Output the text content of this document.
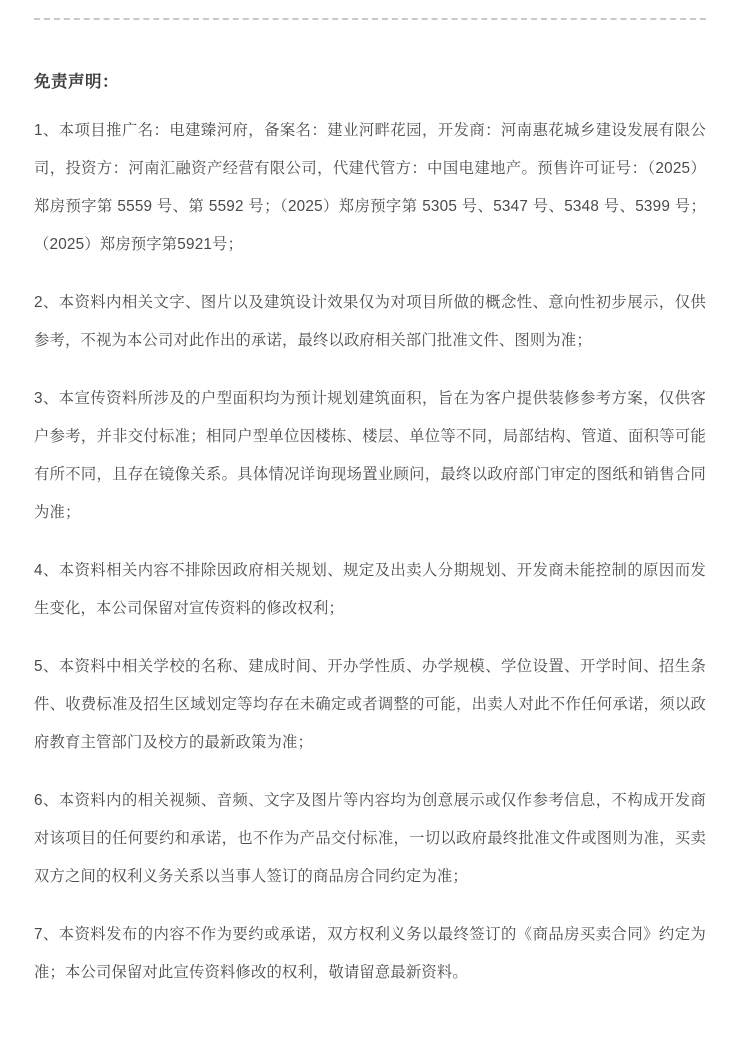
免责声明：
1、本项目推广名：电建臻河府，备案名：建业河畔花园，开发商：河南惠花城乡建设发展有限公司，投资方：河南汇融资产经营有限公司，代建代管方：中国电建地产。预售许可证号：（2025）郑房预字第 5559 号、第 5592 号；（2025）郑房预字第 5305 号、5347 号、5348 号、5399 号；（2025）郑房预字第5921号；
2、本资料内相关文字、图片以及建筑设计效果仅为对项目所做的概念性、意向性初步展示，仅供参考，不视为本公司对此作出的承诺，最终以政府相关部门批准文件、图则为准；
3、本宣传资料所涉及的户型面积均为预计规划建筑面积，旨在为客户提供装修参考方案，仅供客户参考，并非交付标准；相同户型单位因楼栋、楼层、单位等不同，局部结构、管道、面积等可能有所不同，且存在镜像关系。具体情况详询现场置业顾问，最终以政府部门审定的图纸和销售合同为准；
4、本资料相关内容不排除因政府相关规划、规定及出卖人分期规划、开发商未能控制的原因而发生变化，本公司保留对宣传资料的修改权利；
5、本资料中相关学校的名称、建成时间、开办学性质、办学规模、学位设置、开学时间、招生条件、收费标准及招生区域划定等均存在未确定或者调整的可能，出卖人对此不作任何承诺，须以政府教育主管部门及校方的最新政策为准；
6、本资料内的相关视频、音频、文字及图片等内容均为创意展示或仅作参考信息，不构成开发商对该项目的任何要约和承诺，也不作为产品交付标准，一切以政府最终批准文件或图则为准，买卖双方之间的权利义务关系以当事人签订的商品房合同约定为准；
7、本资料发布的内容不作为要约或承诺，双方权利义务以最终签订的《商品房买卖合同》约定为准；本公司保留对此宣传资料修改的权利，敬请留意最新资料。
